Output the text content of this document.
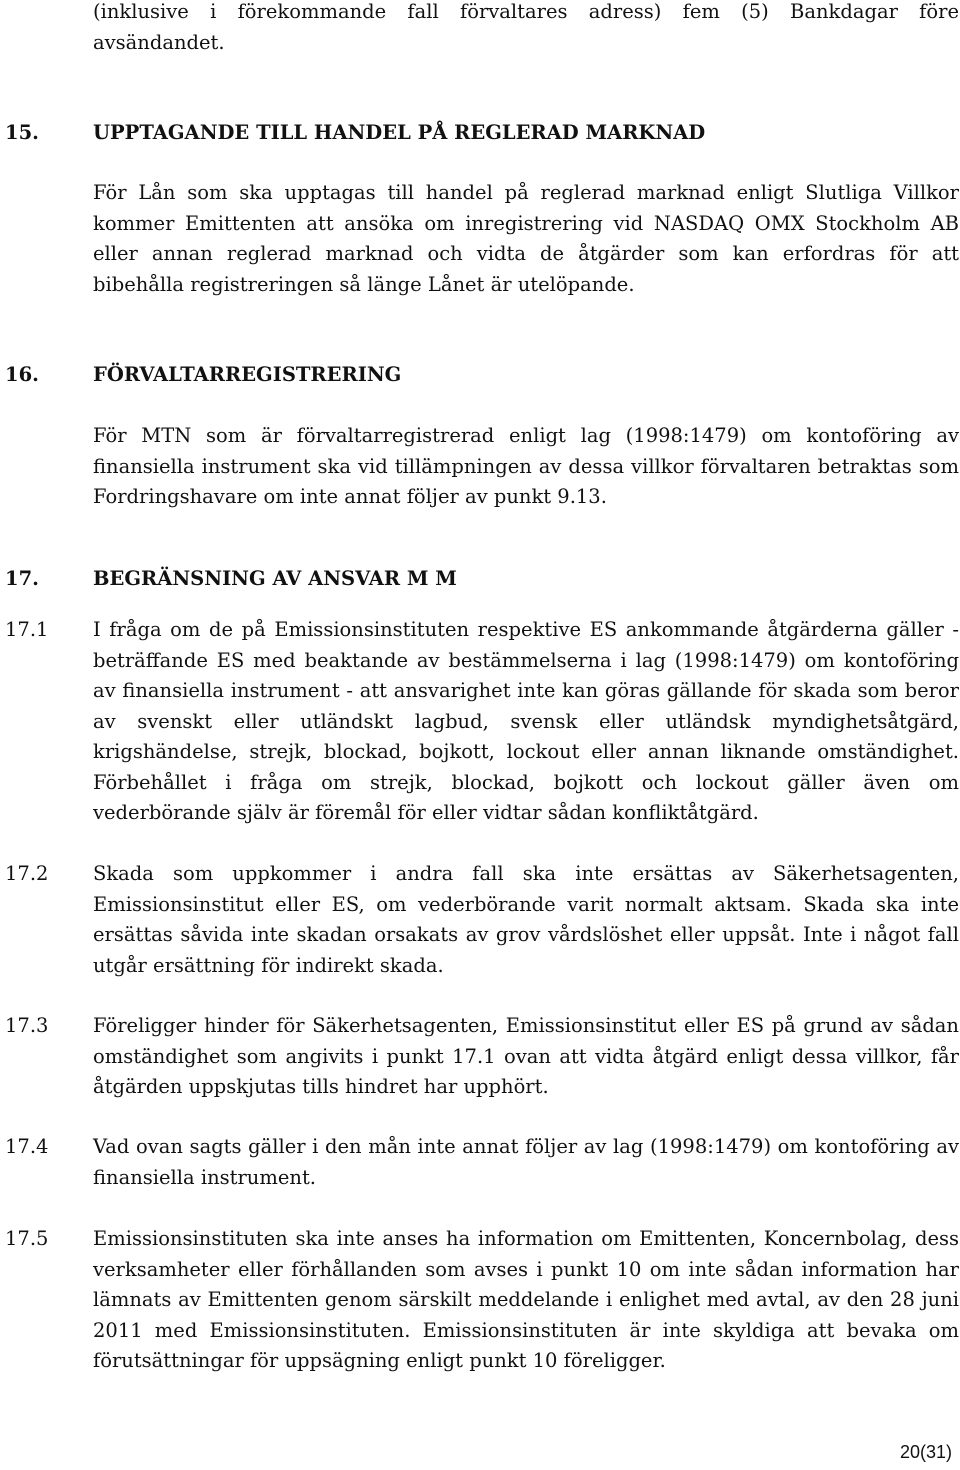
(inklusive i förekommande fall förvaltares adress) fem (5) Bankdagar före avsändandet.

15.	UPPTAGANDE TILL HANDEL PÅ REGLERAD MARKNAD

För Lån som ska upptagas till handel på reglerad marknad enligt Slutliga Villkor kommer Emittenten att ansöka om inregistrering vid NASDAQ OMX Stockholm AB eller annan reglerad marknad och vidta de åtgärder som kan erfordras för att bibehålla registreringen så länge Lånet är utelöpande.

16.	FÖRVALTARREGISTRERING

För MTN som är förvaltarregistrerad enligt lag (1998:1479) om kontoföring av finansiella instrument ska vid tillämpningen av dessa villkor förvaltaren betraktas som Fordringshavare om inte annat följer av punkt 9.13.

17.	BEGRÄNSNING AV ANSVAR M M

17.1	I fråga om de på Emissionsinstituten respektive ES ankommande åtgärderna gäller - beträffande ES med beaktande av bestämmelserna i lag (1998:1479) om kontoföring av finansiella instrument - att ansvarighet inte kan göras gällande för skada som beror av svenskt eller utländskt lagbud, svensk eller utländsk myndighetsåtgärd, krigshändelse, strejk, blockad, bojkott, lockout eller annan liknande omständighet. Förbehållet i fråga om strejk, blockad, bojkott och lockout gäller även om vederbörande själv är föremål för eller vidtar sådan konfliktåtgärd.

17.2	Skada som uppkommer i andra fall ska inte ersättas av Säkerhetsagenten, Emissionsinstitut eller ES, om vederbörande varit normalt aktsam. Skada ska inte ersättas såvida inte skadan orsakats av grov vårdslöshet eller uppsåt. Inte i något fall utgår ersättning för indirekt skada.

17.3	Föreligger hinder för Säkerhetsagenten, Emissionsinstitut eller ES på grund av sådan omständighet som angivits i punkt 17.1 ovan att vidta åtgärd enligt dessa villkor, får åtgärden uppskjutas tills hindret har upphört.

17.4	Vad ovan sagts gäller i den mån inte annat följer av lag (1998:1479) om kontoföring av finansiella instrument.

17.5	Emissionsinstituten ska inte anses ha information om Emittenten, Koncernbolag, dess verksamheter eller förhållanden som avses i punkt 10 om inte sådan information har lämnats av Emittenten genom särskilt meddelande i enlighet med avtal, av den 28 juni 2011 med Emissionsinstituten. Emissionsinstituten är inte skyldiga att bevaka om förutsättningar för uppsägning enligt punkt 10 föreligger.

20(31)
